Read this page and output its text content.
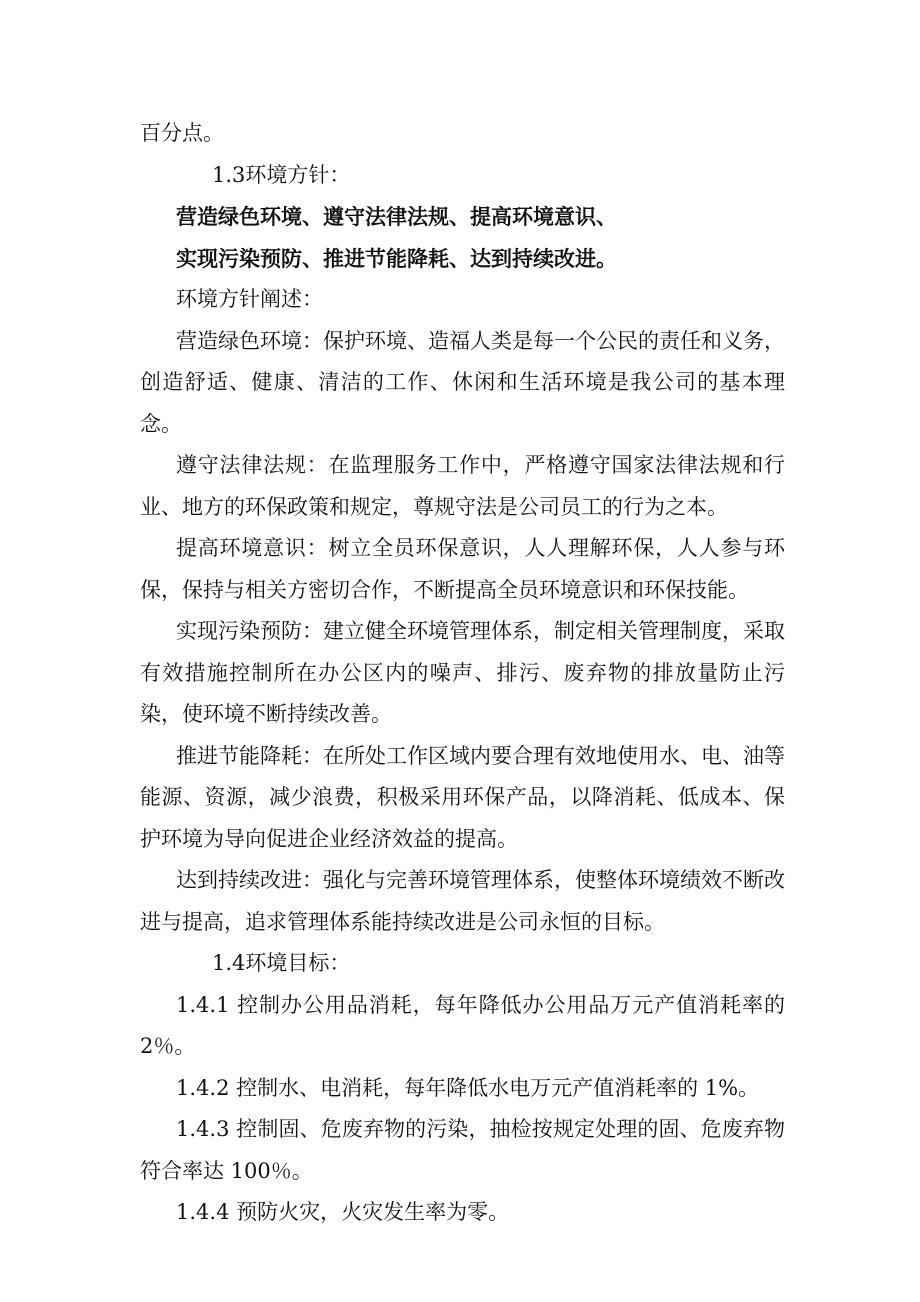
百分点。

1.3环境方针：

营造绿色环境、遵守法律法规、提高环境意识、

实现污染预防、推进节能降耗、达到持续改进。

环境方针阐述：

营造绿色环境：保护环境、造福人类是每一个公民的责任和义务，创造舒适、健康、清洁的工作、休闲和生活环境是我公司的基本理念。

遵守法律法规：在监理服务工作中，严格遵守国家法律法规和行业、地方的环保政策和规定，尊规守法是公司员工的行为之本。

提高环境意识：树立全员环保意识，人人理解环保，人人参与环保，保持与相关方密切合作，不断提高全员环境意识和环保技能。

实现污染预防：建立健全环境管理体系，制定相关管理制度，采取有效措施控制所在办公区内的噪声、排污、废弃物的排放量防止污染，使环境不断持续改善。

推进节能降耗：在所处工作区域内要合理有效地使用水、电、油等能源、资源，减少浪费，积极采用环保产品，以降消耗、低成本、保护环境为导向促进企业经济效益的提高。

达到持续改进：强化与完善环境管理体系，使整体环境绩效不断改进与提高，追求管理体系能持续改进是公司永恒的目标。

1.4环境目标：

1.4.1 控制办公用品消耗，每年降低办公用品万元产值消耗率的 2％。

1.4.2 控制水、电消耗，每年降低水电万元产值消耗率的 1%。

1.4.3 控制固、危废弃物的污染，抽检按规定处理的固、危废弃物符合率达 100％。

1.4.4 预防火灾，火灾发生率为零。
